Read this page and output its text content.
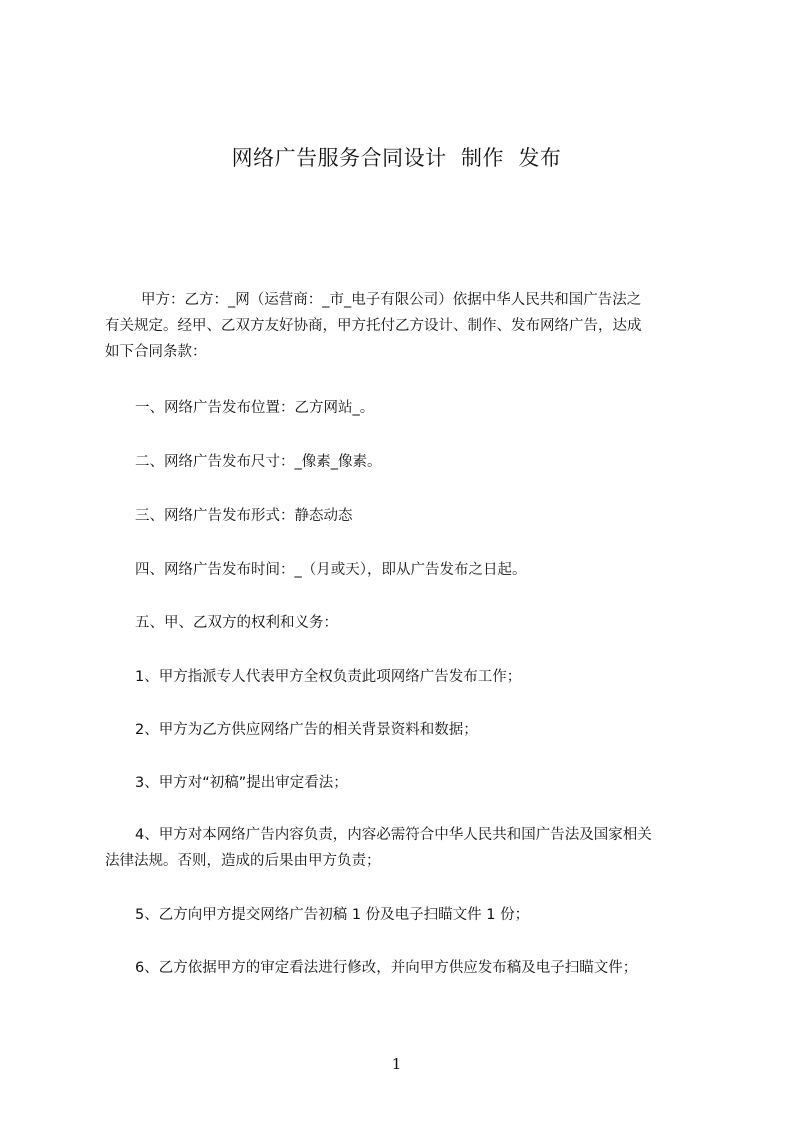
网络广告服务合同设计  制作  发布
甲方：乙方：_网（运营商：_市_电子有限公司）依据中华人民共和国广告法之
有关规定。经甲、乙双方友好协商，甲方托付乙方设计、制作、发布网络广告，达成
如下合同条款：
一、网络广告发布位置：乙方网站_。
二、网络广告发布尺寸：_像素_像素。
三、网络广告发布形式：静态动态
四、网络广告发布时间：_（月或天），即从广告发布之日起。
五、甲、乙双方的权利和义务：
1、甲方指派专人代表甲方全权负责此项网络广告发布工作；
2、甲方为乙方供应网络广告的相关背景资料和数据；
3、甲方对“初稿”提出审定看法；
4、甲方对本网络广告内容负责，内容必需符合中华人民共和国广告法及国家相关
法律法规。否则，造成的后果由甲方负责；
5、乙方向甲方提交网络广告初稿 1 份及电子扫瞄文件 1 份；
6、乙方依据甲方的审定看法进行修改，并向甲方供应发布稿及电子扫瞄文件；
1
